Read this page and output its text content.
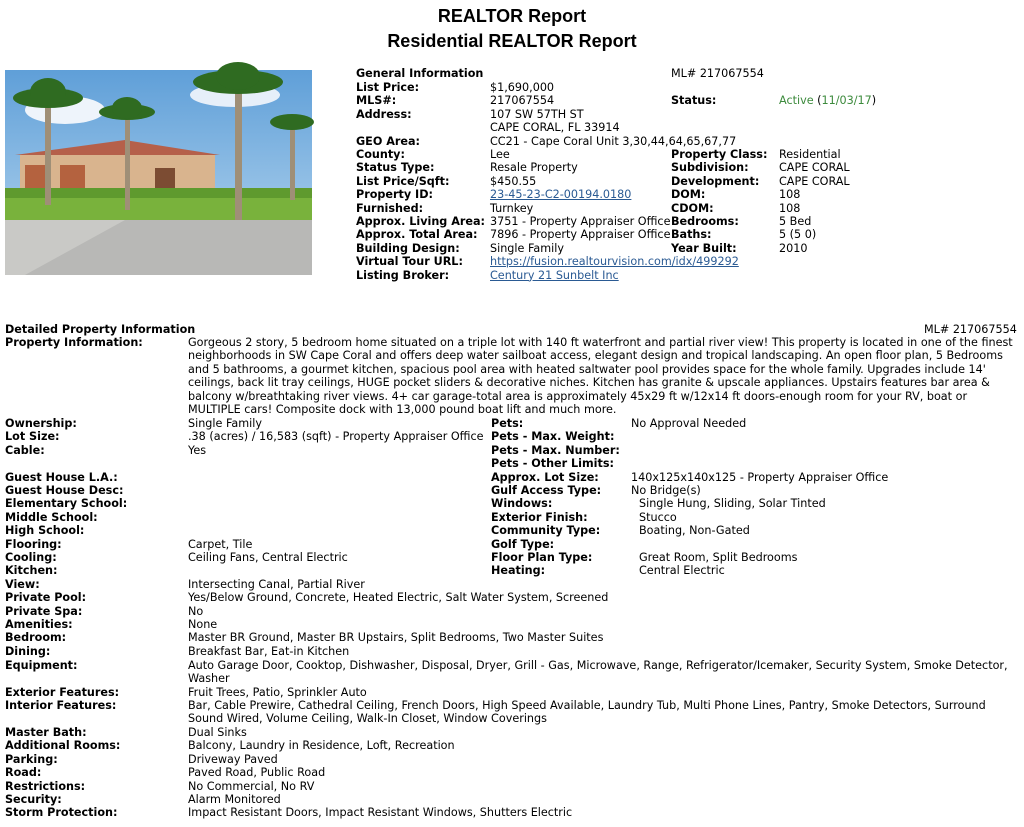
REALTOR Report
Residential REALTOR Report
General Information	ML# 217067554
Status:	Active (11/03/17)
List Price:	$1,690,000
MLS#:	217067554
Address:	107 SW 57TH ST
CAPE CORAL, FL 33914
GEO Area:	CC21 - Cape Coral Unit 3,30,44,64,65,67,77
County:	Lee
Status Type:	Resale Property
List Price/Sqft:	$450.55
Property ID:	23-45-23-C2-00194.0180
Furnished:	Turnkey
Approx. Living Area: 3751 - Property Appraiser Office
Approx. Total Area: 7896 - Property Appraiser Office
Building Design:	Single Family
Virtual Tour URL: https://fusion.realtourvision.com/idx/499292
Listing Broker:	Century 21 Sunbelt Inc
Property Class: Residential
Subdivision:	CAPE CORAL
Development: CAPE CORAL
DOM:	108
CDOM:	108
Bedrooms:	5 Bed
Baths:	5 (5 0)
Year Built:	2010
Detailed Property Information	ML# 217067554
Property Information:	Gorgeous 2 story, 5 bedroom home situated on a triple lot with 140 ft waterfront and partial river view! This property is located in one of the finest neighborhoods in SW Cape Coral and offers deep water sailboat access, elegant design and tropical landscaping. An open floor plan, 5 Bedrooms and 5 bathrooms, a gourmet kitchen, spacious pool area with heated saltwater pool provides space for the whole family. Upgrades include 14' ceilings, back lit tray ceilings, HUGE pocket sliders & decorative niches. Kitchen has granite & upscale appliances. Upstairs features bar area & balcony w/breathtaking river views. 4+ car garage-total area is approximately 45x29 ft w/12x14 ft doors-enough room for your RV, boat or MULTIPLE cars! Composite dock with 13,000 pound boat lift and much more.
Ownership:	Single Family
Lot Size:	.38 (acres) / 16,583 (sqft) - Property Appraiser Office
Cable:	Yes
Guest House L.A.:
Guest House Desc:
Elementary School:
Middle School:
High School:
Flooring:	Carpet, Tile
Cooling:	Ceiling Fans, Central Electric
Kitchen:
View:	Intersecting Canal, Partial River
Private Pool:	Yes/Below Ground, Concrete, Heated Electric, Salt Water System, Screened
Private Spa:	No
Amenities:	None
Bedroom:	Master BR Ground, Master BR Upstairs, Split Bedrooms, Two Master Suites
Dining:	Breakfast Bar, Eat-in Kitchen
Pets:	No Approval Needed
Pets - Max. Weight:
Pets - Max. Number:
Pets - Other Limits:
Approx. Lot Size:	140x125x140x125 - Property Appraiser Office
Gulf Access Type:	No Bridge(s)
Windows:	Single Hung, Sliding, Solar Tinted
Exterior Finish:	Stucco
Community Type:	Boating, Non-Gated
Golf Type:
Floor Plan Type:	Great Room, Split Bedrooms
Heating:	Central Electric
Equipment:	Auto Garage Door, Cooktop, Dishwasher, Disposal, Dryer, Grill - Gas, Microwave, Range, Refrigerator/Icemaker, Security System, Smoke Detector, Washer
Exterior Features:	Fruit Trees, Patio, Sprinkler Auto
Interior Features:	Bar, Cable Prewire, Cathedral Ceiling, French Doors, High Speed Available, Laundry Tub, Multi Phone Lines, Pantry, Smoke Detectors, Surround Sound Wired, Volume Ceiling, Walk-In Closet, Window Coverings
Master Bath:	Dual Sinks
Additional Rooms:	Balcony, Laundry in Residence, Loft, Recreation
Parking:	Driveway Paved
Road:	Paved Road, Public Road
Restrictions:	No Commercial, No RV
Security:	Alarm Monitored
Storm Protection:	Impact Resistant Doors, Impact Resistant Windows, Shutters Electric
